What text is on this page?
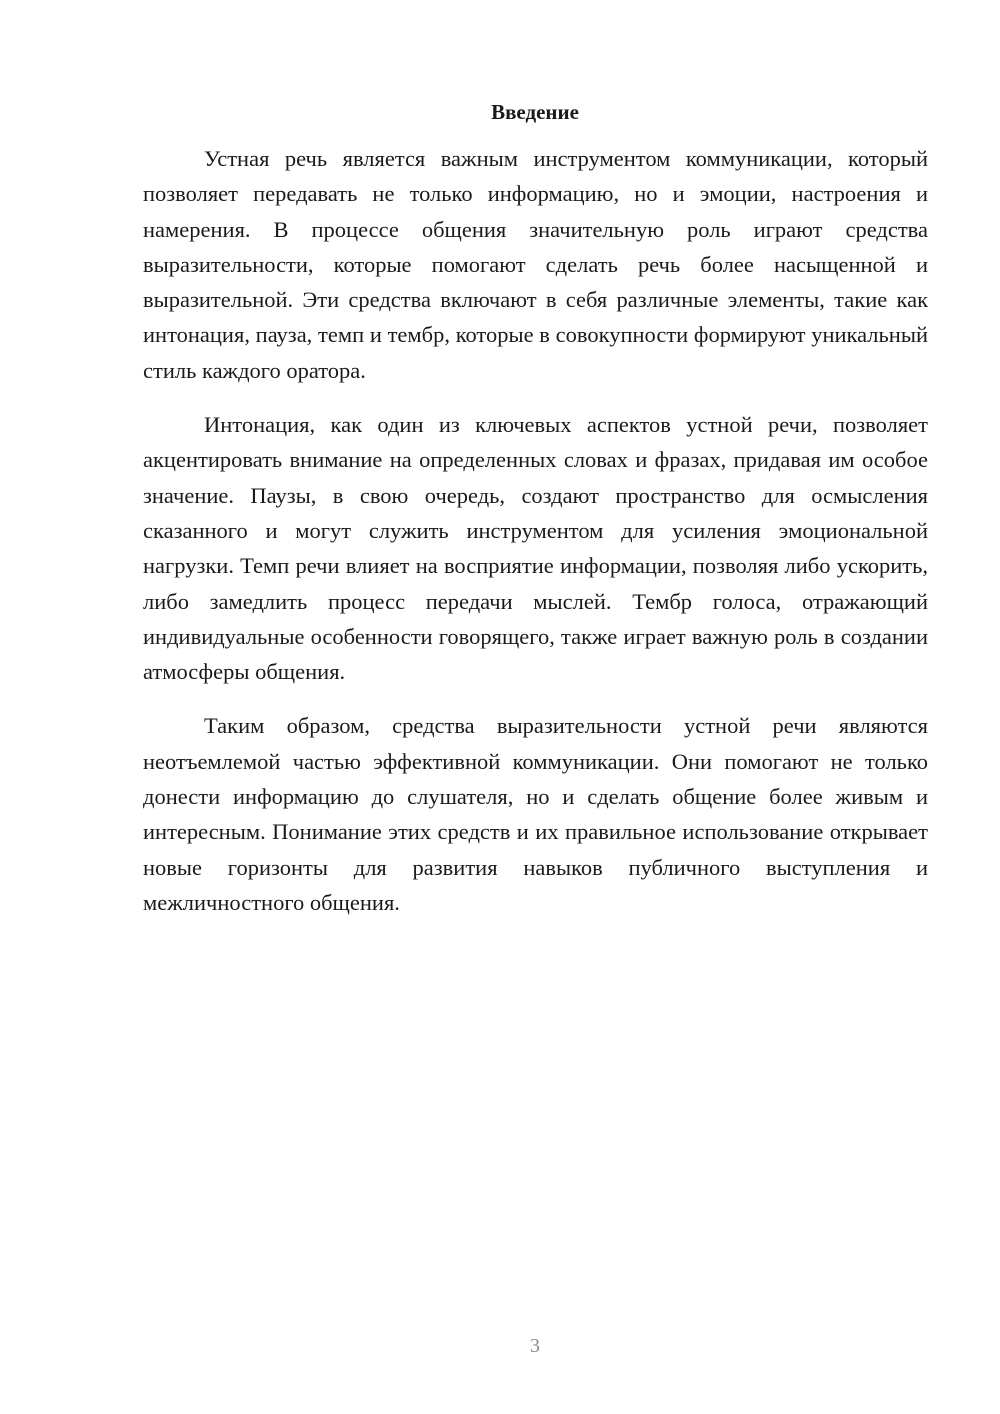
Введение

Устная речь является важным инструментом коммуникации, который позволяет передавать не только информацию, но и эмоции, настроения и намерения. В процессе общения значительную роль играют средства выразительности, которые помогают сделать речь более насыщенной и выразительной. Эти средства включают в себя различные элементы, такие как интонация, пауза, темп и тембр, которые в совокупности формируют уникальный стиль каждого оратора.

Интонация, как один из ключевых аспектов устной речи, позволяет акцентировать внимание на определенных словах и фразах, придавая им особое значение. Паузы, в свою очередь, создают пространство для осмысления сказанного и могут служить инструментом для усиления эмоциональной нагрузки. Темп речи влияет на восприятие информации, позволяя либо ускорить, либо замедлить процесс передачи мыслей. Тембр голоса, отражающий индивидуальные особенности говорящего, также играет важную роль в создании атмосферы общения.

Таким образом, средства выразительности устной речи являются неотъемлемой частью эффективной коммуникации. Они помогают не только донести информацию до слушателя, но и сделать общение более живым и интересным. Понимание этих средств и их правильное использование открывает новые горизонты для развития навыков публичного выступления и межличностного общения.

3
